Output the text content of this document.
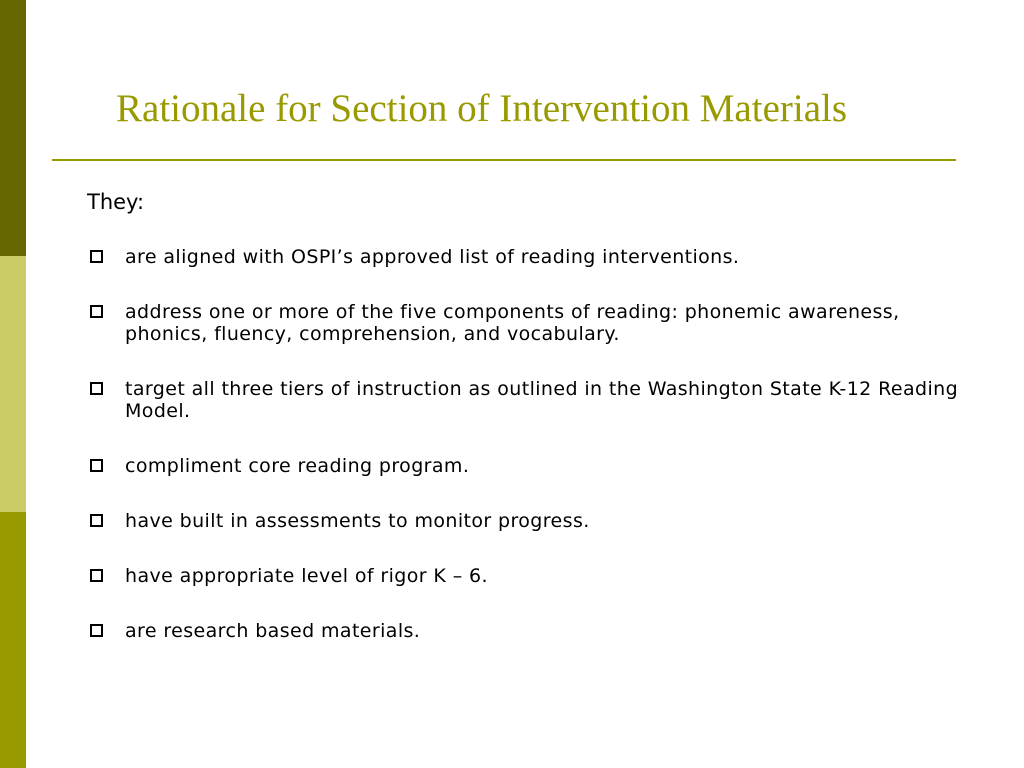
Rationale for Section of Intervention Materials

They:

are aligned with OSPI’s approved list of reading interventions.
address one or more of the five components of reading: phonemic awareness, phonics, fluency, comprehension, and vocabulary.
target all three tiers of instruction as outlined in the Washington State K-12 Reading Model.
compliment core reading program.
have built in assessments to monitor progress.
have appropriate level of rigor K – 6.
are research based materials.
